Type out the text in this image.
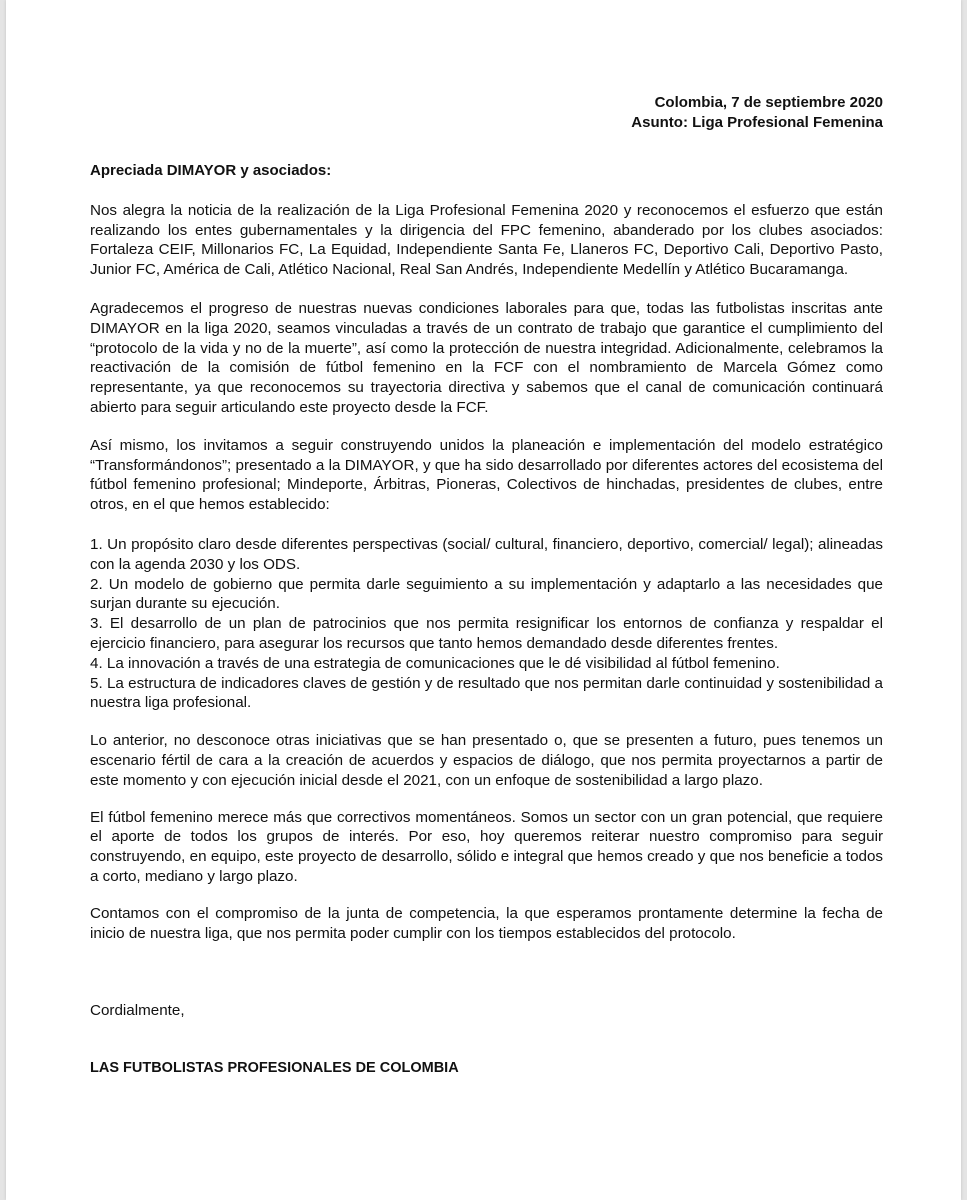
Colombia, 7 de septiembre 2020
Asunto: Liga Profesional Femenina
Apreciada DIMAYOR y asociados:

Nos alegra la noticia de la realización de la Liga Profesional Femenina 2020 y reconocemos el esfuerzo que están realizando los entes gubernamentales y la dirigencia del FPC femenino, abanderado por los clubes asociados: Fortaleza CEIF, Millonarios FC, La Equidad, Independiente Santa Fe, Llaneros FC, Deportivo Cali, Deportivo Pasto, Junior FC, América de Cali, Atlético Nacional, Real San Andrés, Independiente Medellín y Atlético Bucaramanga.

Agradecemos el progreso de nuestras nuevas condiciones laborales para que, todas las futbolistas inscritas ante DIMAYOR en la liga 2020, seamos vinculadas a través de un contrato de trabajo que garantice el cumplimiento del “protocolo de la vida y no de la muerte”, así como la protección de nuestra integridad. Adicionalmente, celebramos la reactivación de la comisión de fútbol femenino en la FCF con el nombramiento de Marcela Gómez como representante, ya que reconocemos su trayectoria directiva y sabemos que el canal de comunicación continuará abierto para seguir articulando este proyecto desde la FCF.

Así mismo, los invitamos a seguir construyendo unidos la planeación e implementación del modelo estratégico “Transformándonos”; presentado a la DIMAYOR, y que ha sido desarrollado por diferentes actores del ecosistema del fútbol femenino profesional; Mindeporte, Árbitras, Pioneras, Colectivos de hinchadas, presidentes de clubes, entre otros, en el que hemos establecido:

1. Un propósito claro desde diferentes perspectivas (social/ cultural, financiero, deportivo, comercial/ legal); alineadas con la agenda 2030 y los ODS.

2. Un modelo de gobierno que permita darle seguimiento a su implementación y adaptarlo a las necesidades que surjan durante su ejecución.

3. El desarrollo de un plan de patrocinios que nos permita resignificar los entornos de confianza y respaldar el ejercicio financiero, para asegurar los recursos que tanto hemos demandado desde diferentes frentes.

4. La innovación a través de una estrategia de comunicaciones que le dé visibilidad al fútbol femenino.

5. La estructura de indicadores claves de gestión y de resultado que nos permitan darle continuidad y sostenibilidad a nuestra liga profesional.

Lo anterior, no desconoce otras iniciativas que se han presentado o, que se presenten a futuro, pues tenemos un escenario fértil de cara a la creación de acuerdos y espacios de diálogo, que nos permita proyectarnos a partir de este momento y con ejecución inicial desde el 2021, con un enfoque de sostenibilidad a largo plazo.

El fútbol femenino merece más que correctivos momentáneos. Somos un sector con un gran potencial, que requiere el aporte de todos los grupos de interés. Por eso, hoy queremos reiterar nuestro compromiso para seguir construyendo, en equipo, este proyecto de desarrollo, sólido e integral que hemos creado y que nos beneficie a todos a corto, mediano y largo plazo.

Contamos con el compromiso de la junta de competencia, la que esperamos prontamente determine la fecha de inicio de nuestra liga, que nos permita poder cumplir con los tiempos establecidos del protocolo.

Cordialmente,
LAS FUTBOLISTAS PROFESIONALES DE COLOMBIA
